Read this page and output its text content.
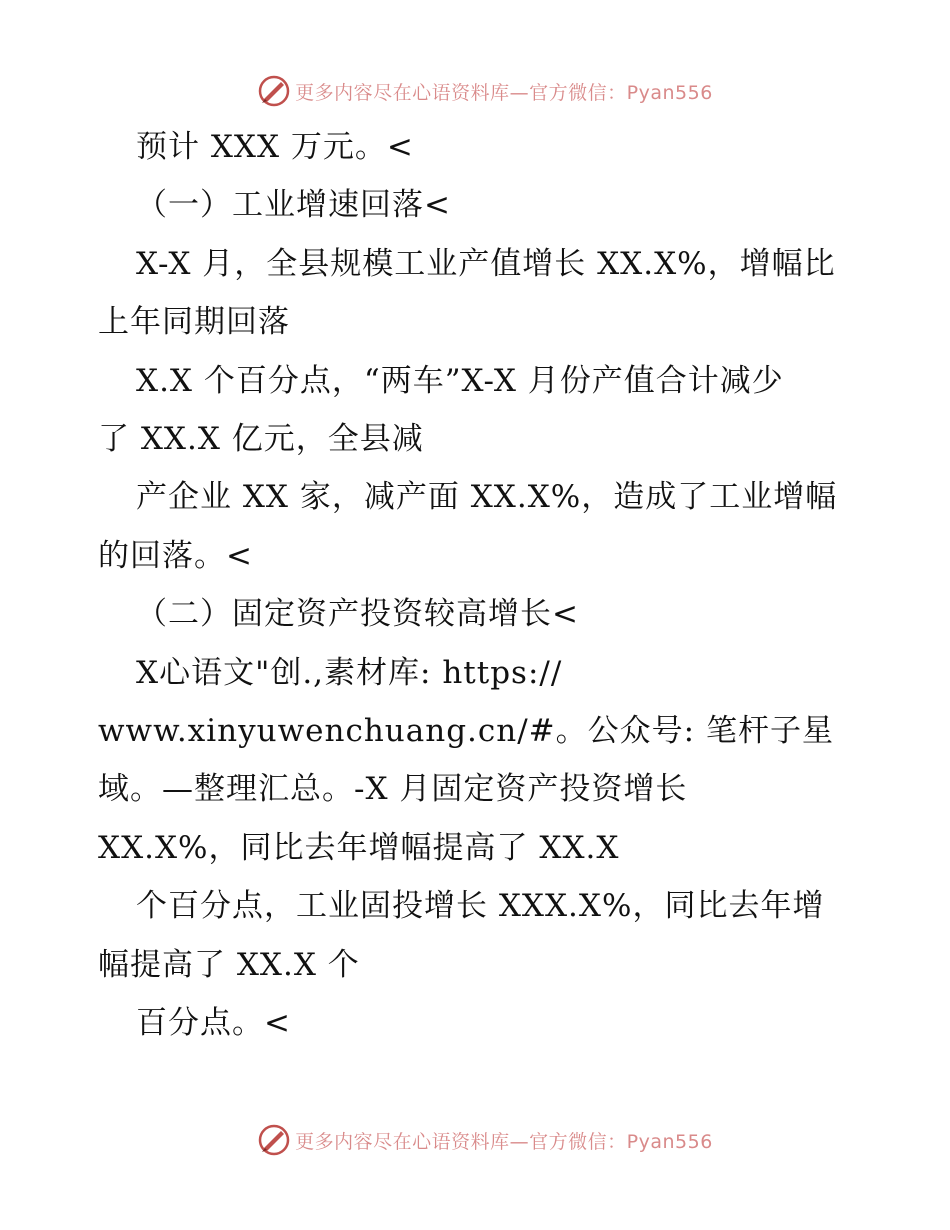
更多内容尽在心语资料库—官方微信：Pyan556
预计 XXX 万元。<
（一）工业增速回落<
X-X 月，全县规模工业产值增长 XX.X%，增幅比
上年同期回落
X.X 个百分点，“两车”X-X 月份产值合计减少
了 XX.X 亿元，全县减
产企业 XX 家，减产面 XX.X%，造成了工业增幅
的回落。<
（二）固定资产投资较高增长<
X心语文"创.,素材库: https://
www.xinyuwenchuang.cn/#。公众号: 笔杆子星
域。—整理汇总。-X 月固定资产投资增长
XX.X%，同比去年增幅提高了 XX.X
个百分点，工业固投增长 XXX.X%，同比去年增
幅提高了 XX.X 个
百分点。<
更多内容尽在心语资料库—官方微信：Pyan556
